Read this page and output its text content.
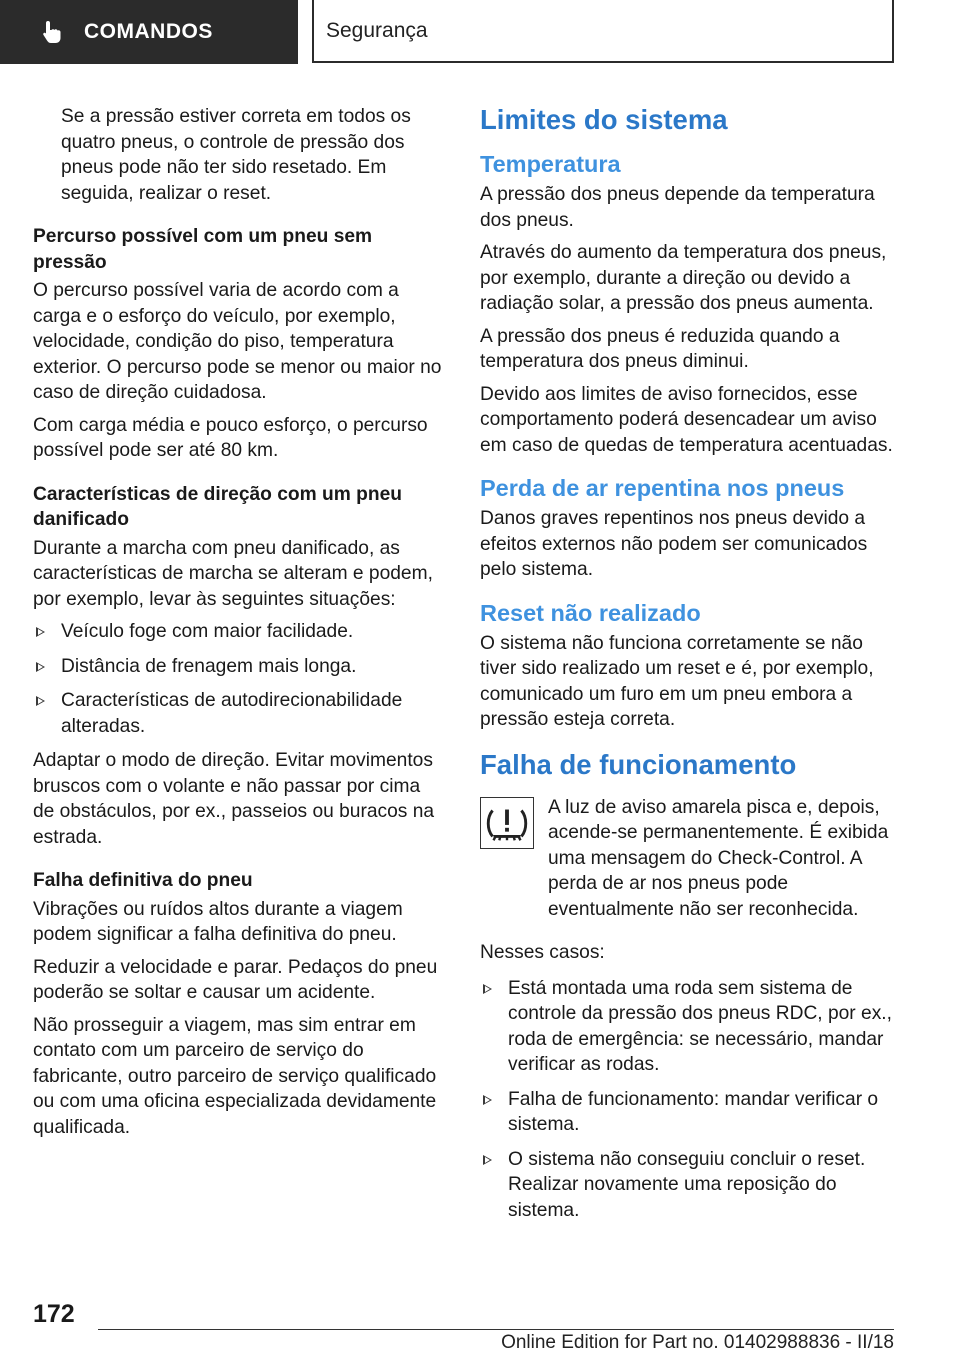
COMANDOS	Segurança

Se a pressão estiver correta em todos os quatro pneus, o controle de pressão dos pneus pode não ter sido resetado. Em seguida, realizar o reset.

Percurso possível com um pneu sem pressão

O percurso possível varia de acordo com a carga e o esforço do veículo, por exemplo, velocidade, condição do piso, temperatura exterior. O percurso pode se menor ou maior no caso de direção cuidadosa.

Com carga média e pouco esforço, o percurso possível pode ser até 80 km.

Características de direção com um pneu danificado

Durante a marcha com pneu danificado, as características de marcha se alteram e podem, por exemplo, levar às seguintes situações:

Veículo foge com maior facilidade.
Distância de frenagem mais longa.
Características de autodirecionabilidade alteradas.

Adaptar o modo de direção. Evitar movimentos bruscos com o volante e não passar por cima de obstáculos, por ex., passeios ou buracos na estrada.

Falha definitiva do pneu

Vibrações ou ruídos altos durante a viagem podem significar a falha definitiva do pneu.

Reduzir a velocidade e parar. Pedaços do pneu poderão se soltar e causar um acidente.

Não prosseguir a viagem, mas sim entrar em contato com um parceiro de serviço do fabricante, outro parceiro de serviço qualificado ou com uma oficina especializada devidamente qualificada.

Limites do sistema
Temperatura

A pressão dos pneus depende da temperatura dos pneus.

Através do aumento da temperatura dos pneus, por exemplo, durante a direção ou devido a radiação solar, a pressão dos pneus aumenta.

A pressão dos pneus é reduzida quando a temperatura dos pneus diminui.

Devido aos limites de aviso fornecidos, esse comportamento poderá desencadear um aviso em caso de quedas de temperatura acentuadas.

Perda de ar repentina nos pneus

Danos graves repentinos nos pneus devido a efeitos externos não podem ser comunicados pelo sistema.

Reset não realizado

O sistema não funciona corretamente se não tiver sido realizado um reset e é, por exemplo, comunicado um furo em um pneu embora a pressão esteja correta.

Falha de funcionamento

A luz de aviso amarela pisca e, depois, acende-se permanentemente. É exibida uma mensagem do Check-Control. A perda de ar nos pneus pode eventualmente não ser reconhecida.

Nesses casos:

Está montada uma roda sem sistema de controle da pressão dos pneus RDC, por ex., roda de emergência: se necessário, mandar verificar as rodas.
Falha de funcionamento: mandar verificar o sistema.
O sistema não conseguiu concluir o reset. Realizar novamente uma reposição do sistema.
172
Online Edition for Part no. 01402988836 - II/18
